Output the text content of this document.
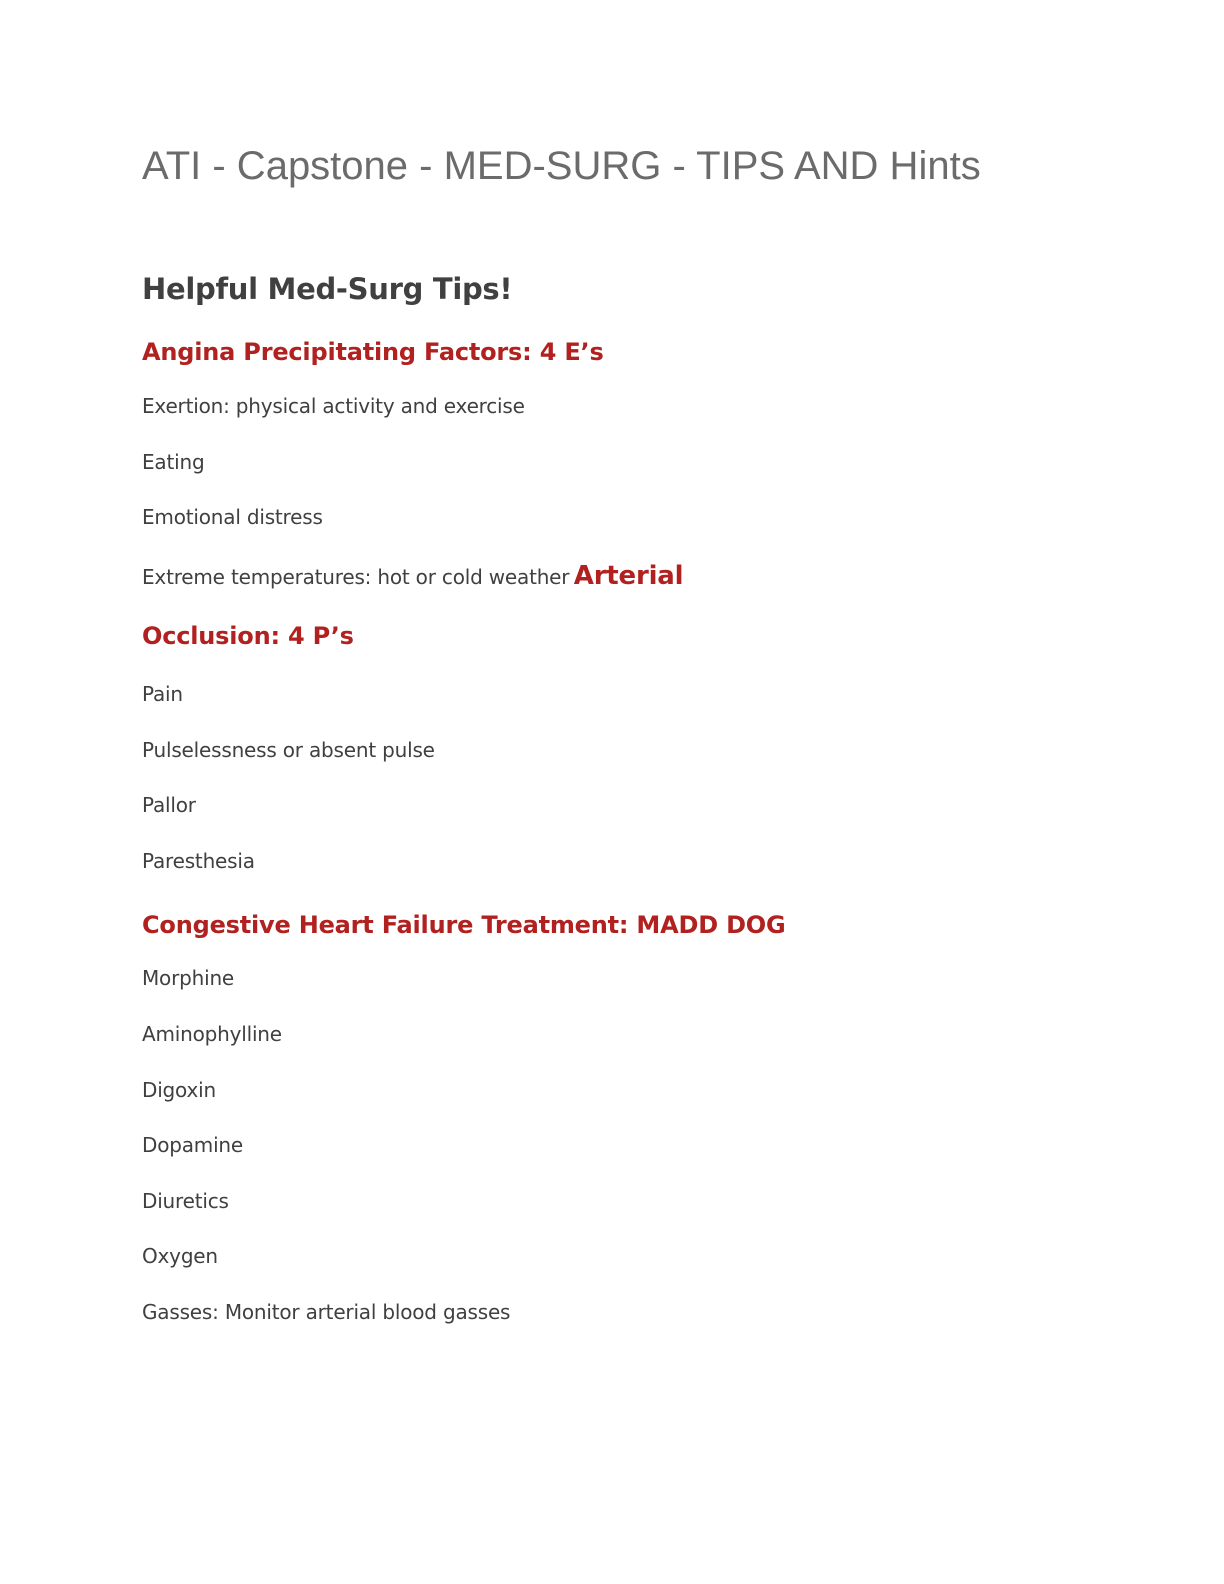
ATI - Capstone - MED-SURG - TIPS AND Hints
Helpful Med-Surg Tips!
Angina Precipitating Factors: 4 E’s
Exertion: physical activity and exercise
Eating
Emotional distress
Extreme temperatures: hot or cold weather Arterial
Occlusion: 4 P’s
Pain
Pulselessness or absent pulse
Pallor
Paresthesia
Congestive Heart Failure Treatment: MADD DOG
Morphine
Aminophylline
Digoxin
Dopamine
Diuretics
Oxygen
Gasses: Monitor arterial blood gasses
